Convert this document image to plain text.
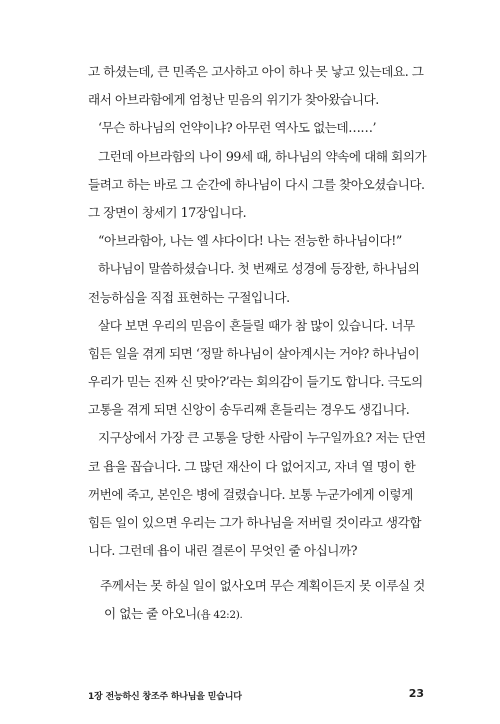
고 하셨는데, 큰 민족은 고사하고 아이 하나 못 낳고 있는데요. 그
래서 아브라함에게 엄청난 믿음의 위기가 찾아왔습니다.
‘무슨 하나님의 언약이냐? 아무런 역사도 없는데……’
그런데 아브라함의 나이 99세 때, 하나님의 약속에 대해 회의가
들려고 하는 바로 그 순간에 하나님이 다시 그를 찾아오셨습니다.
그 장면이 창세기 17장입니다.
“아브라함아, 나는 엘 샤다이다! 나는 전능한 하나님이다!”
하나님이 말씀하셨습니다. 첫 번째로 성경에 등장한, 하나님의
전능하심을 직접 표현하는 구절입니다.
살다 보면 우리의 믿음이 흔들릴 때가 참 많이 있습니다. 너무
힘든 일을 겪게 되면 ‘정말 하나님이 살아계시는 거야? 하나님이
우리가 믿는 진짜 신 맞아?’라는 회의감이 들기도 합니다. 극도의
고통을 겪게 되면 신앙이 송두리째 흔들리는 경우도 생깁니다.
지구상에서 가장 큰 고통을 당한 사람이 누구일까요? 저는 단연
코 욥을 꼽습니다. 그 많던 재산이 다 없어지고, 자녀 열 명이 한
꺼번에 죽고, 본인은 병에 걸렸습니다. 보통 누군가에게 이렇게
힘든 일이 있으면 우리는 그가 하나님을 저버릴 것이라고 생각합
니다. 그런데 욥이 내린 결론이 무엇인 줄 아십니까?
주께서는 못 하실 일이 없사오며 무슨 계획이든지 못 이루실 것
이 없는 줄 아오니(욥 42:2).
1장 전능하신 창조주 하나님을 믿습니다	23
